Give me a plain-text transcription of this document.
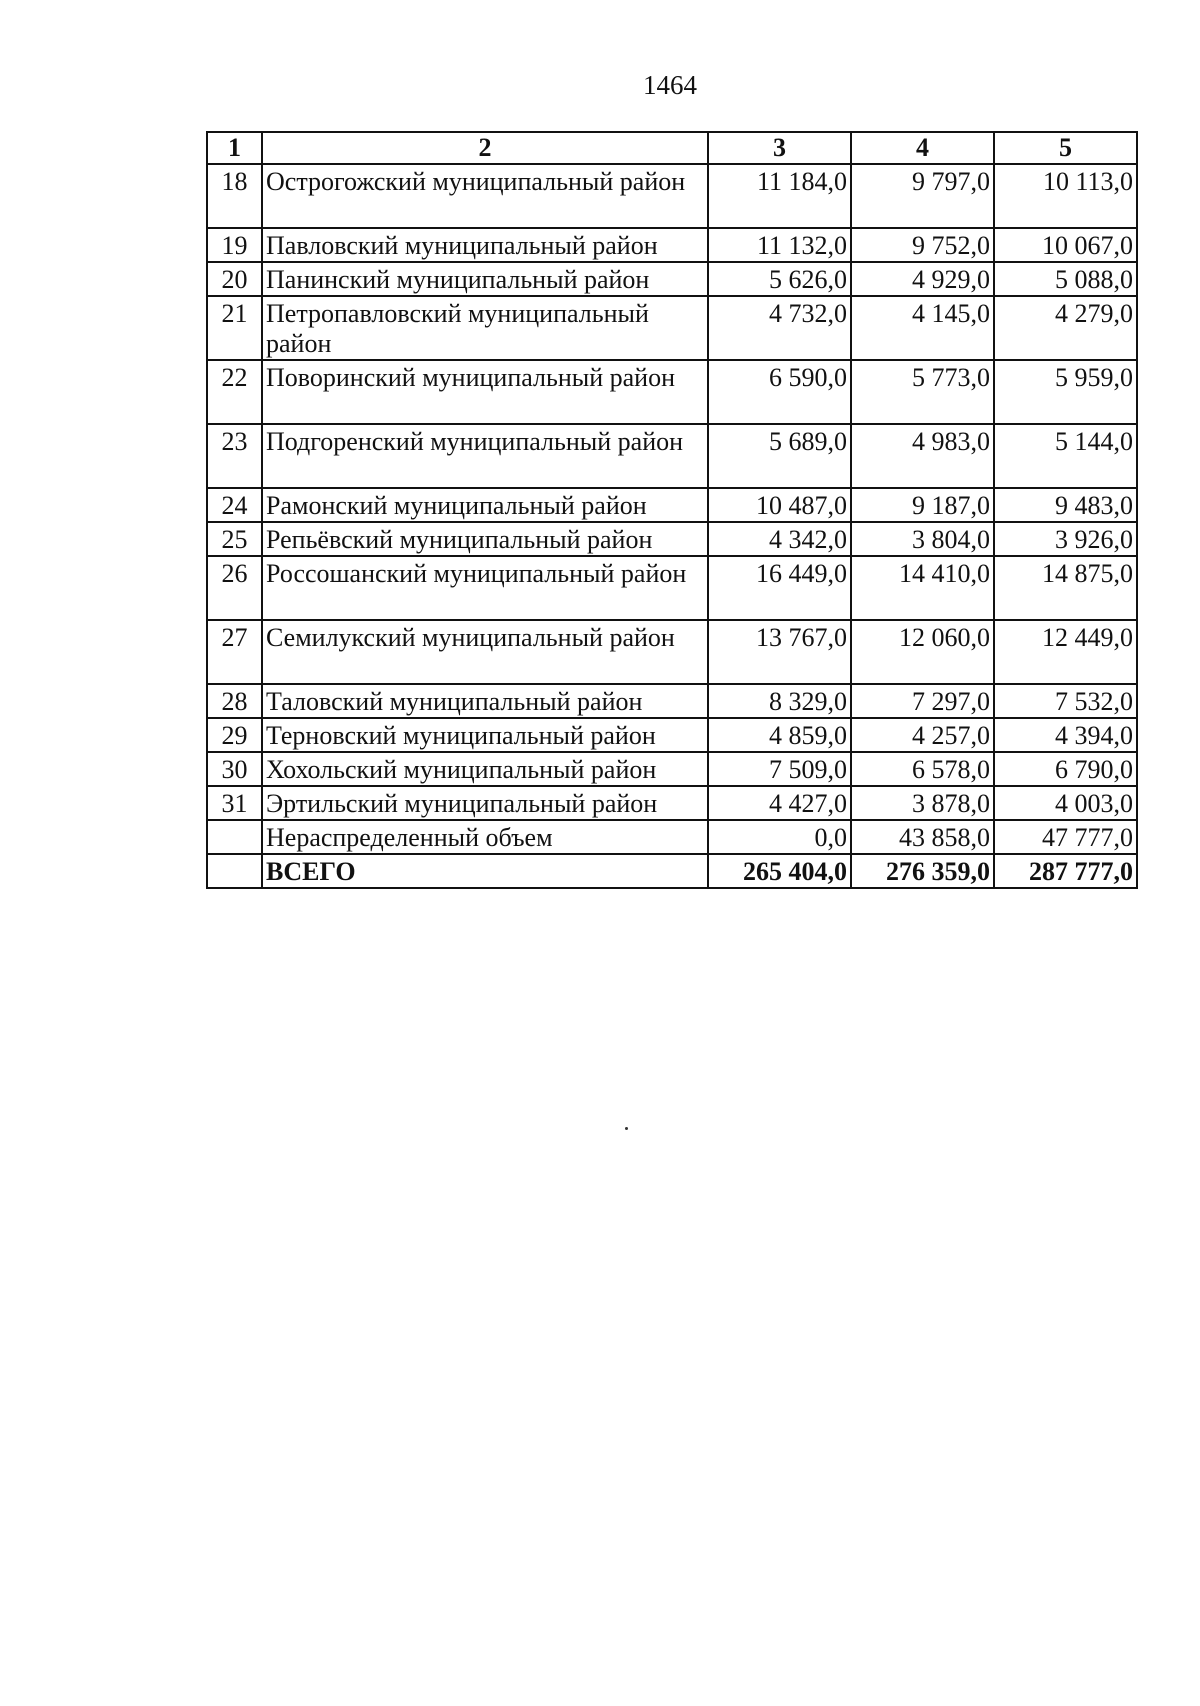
1464
1	2	3	4	5
18	Острогожский муниципальный район	11 184,0	9 797,0	10 113,0
19	Павловский муниципальный район	11 132,0	9 752,0	10 067,0
20	Панинский муниципальный район	5 626,0	4 929,0	5 088,0
21	Петропавловский муниципальный район	4 732,0	4 145,0	4 279,0
22	Поворинский муниципальный район	6 590,0	5 773,0	5 959,0
23	Подгоренский муниципальный район	5 689,0	4 983,0	5 144,0
24	Рамонский муниципальный район	10 487,0	9 187,0	9 483,0
25	Репьёвский муниципальный район	4 342,0	3 804,0	3 926,0
26	Россошанский муниципальный район	16 449,0	14 410,0	14 875,0
27	Семилукский муниципальный район	13 767,0	12 060,0	12 449,0
28	Таловский муниципальный район	8 329,0	7 297,0	7 532,0
29	Терновский муниципальный район	4 859,0	4 257,0	4 394,0
30	Хохольский муниципальный район	7 509,0	6 578,0	6 790,0
31	Эртильский муниципальный район	4 427,0	3 878,0	4 003,0
	Нераспределенный объем	0,0	43 858,0	47 777,0
	ВСЕГО	265 404,0	276 359,0	287 777,0
